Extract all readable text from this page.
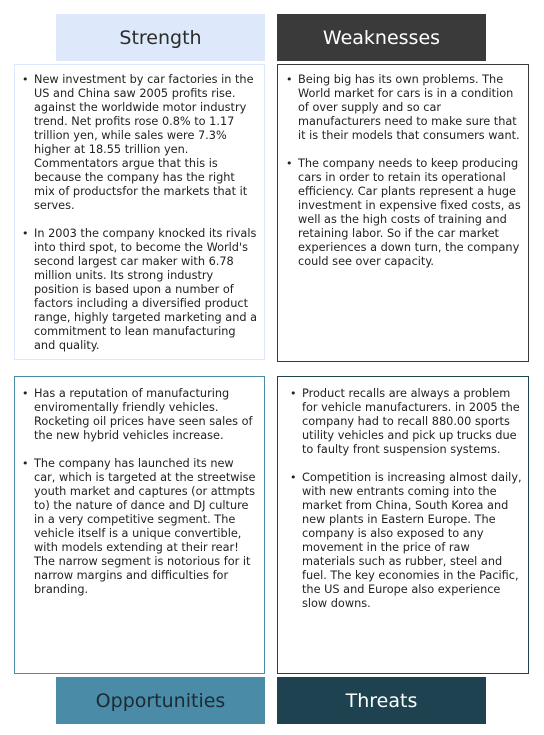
Strength	Weaknesses
• New investment by car factories in the US and China saw 2005 profits rise. against the worldwide motor industry trend. Net profits rose 0.8% to 1.17 trillion yen, while sales were 7.3% higher at 18.55 trillion yen. Commentators argue that this is because the company has the right mix of productsfor the markets that it serves.
• In 2003 the company knocked its rivals into third spot, to become the World's second largest car maker with 6.78 million units. Its strong industry position is based upon a number of factors including a diversified product range, highly targeted marketing and a commitment to lean manufacturing and quality.
• Being big has its own problems. The World market for cars is in a condition of over supply and so car manufacturers need to make sure that it is their models that consumers want.
• The company needs to keep producing cars in order to retain its operational efficiency. Car plants represent a huge investment in expensive fixed costs, as well as the high costs of training and retaining labor. So if the car market experiences a down turn, the company could see over capacity.
• Has a reputation of manufacturing enviromentally friendly vehicles. Rocketing oil prices have seen sales of the new hybrid vehicles increase.
• The company has launched its new car, which is targeted at the streetwise youth market and captures (or attmpts to) the nature of dance and DJ culture in a very competitive segment. The vehicle itself is a unique convertible, with models extending at their rear! The narrow segment is notorious for it narrow margins and difficulties for branding.
• Product recalls are always a problem for vehicle manufacturers. in 2005 the company had to recall 880.00 sports utility vehicles and pick up trucks due to faulty front suspension systems.
• Competition is increasing almost daily, with new entrants coming into the market from China, South Korea and new plants in Eastern Europe. The company is also exposed to any movement in the price of raw materials such as rubber, steel and fuel. The key economies in the Pacific, the US and Europe also experience slow downs.
Opportunities	Threats
